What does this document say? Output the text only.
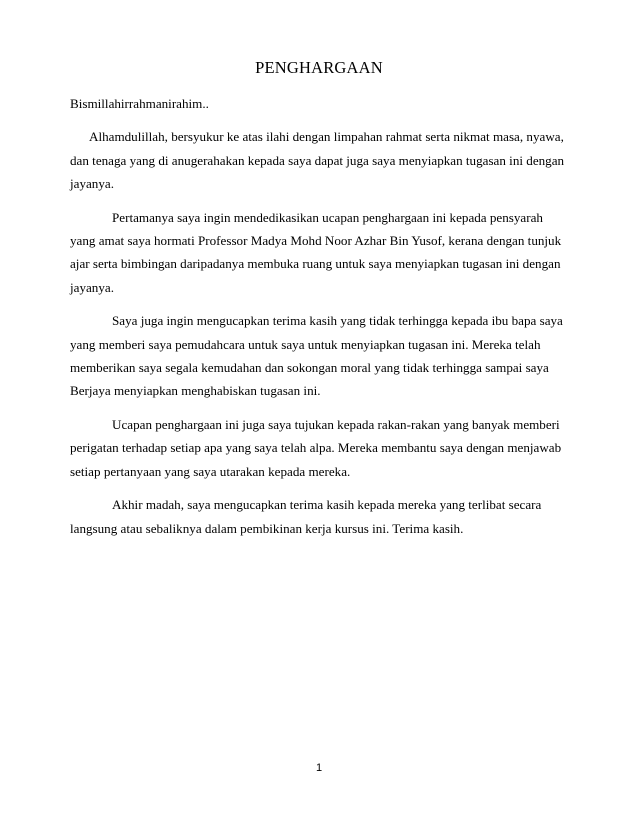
PENGHARGAAN

Bismillahirrahmanirahim..

Alhamdulillah, bersyukur ke atas ilahi dengan limpahan rahmat serta nikmat masa, nyawa, dan tenaga yang di anugerahakan kepada saya dapat juga saya menyiapkan tugasan ini dengan jayanya.

Pertamanya saya ingin mendedikasikan ucapan penghargaan ini kepada pensyarah yang amat saya hormati Professor Madya Mohd Noor Azhar Bin Yusof, kerana dengan tunjuk ajar serta bimbingan daripadanya membuka ruang untuk saya menyiapkan tugasan ini dengan jayanya.

Saya juga ingin mengucapkan terima kasih yang tidak terhingga kepada ibu bapa saya yang memberi saya pemudahcara untuk saya untuk menyiapkan tugasan ini. Mereka telah memberikan saya segala kemudahan dan sokongan moral yang tidak terhingga sampai saya Berjaya menyiapkan menghabiskan tugasan ini.

Ucapan penghargaan ini juga saya tujukan kepada rakan-rakan yang banyak memberi perigatan terhadap setiap apa yang saya telah alpa. Mereka membantu saya dengan menjawab setiap pertanyaan yang saya utarakan kepada mereka.

Akhir madah, saya mengucapkan terima kasih kepada mereka yang terlibat secara langsung atau sebaliknya dalam pembikinan kerja kursus ini. Terima kasih.

1
